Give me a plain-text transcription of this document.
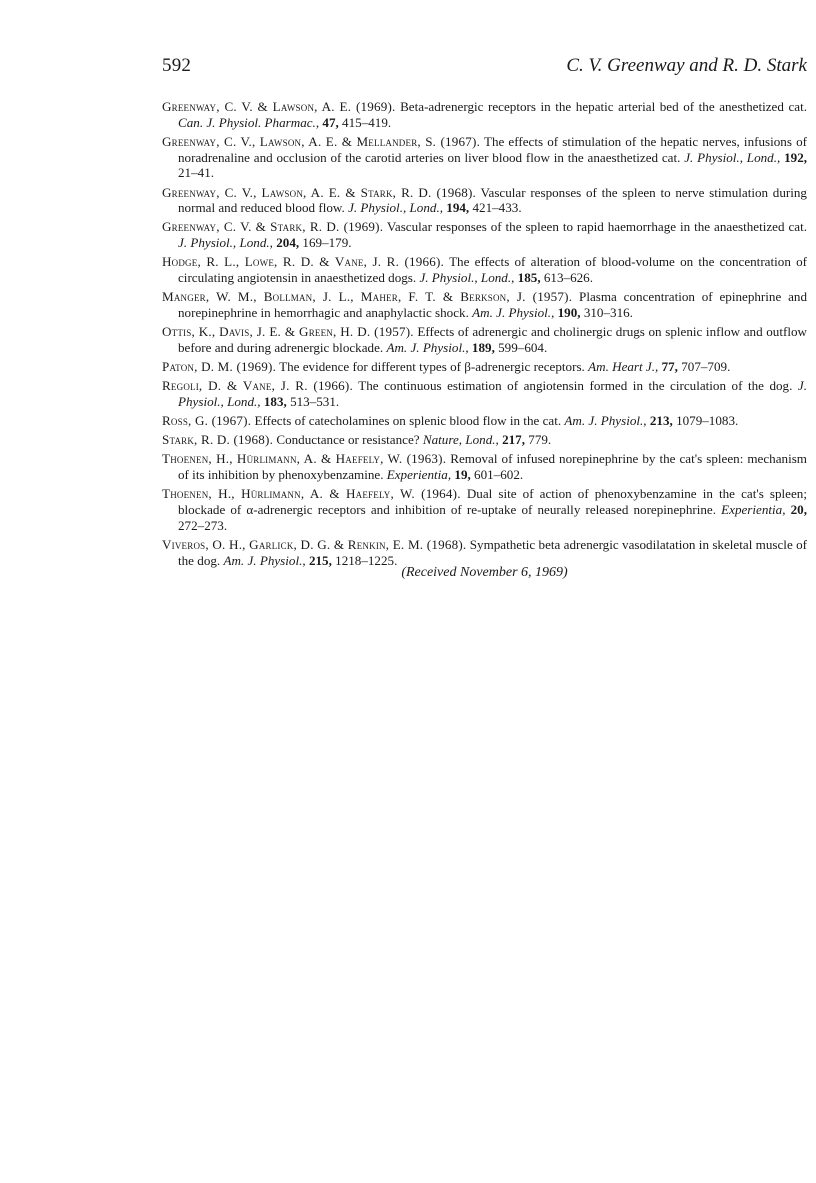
592	C. V. Greenway and R. D. Stark
Greenway, C. V. & Lawson, A. E. (1969). Beta-adrenergic receptors in the hepatic arterial bed of the anesthetized cat. Can. J. Physiol. Pharmac., 47, 415–419.
Greenway, C. V., Lawson, A. E. & Mellander, S. (1967). The effects of stimulation of the hepatic nerves, infusions of noradrenaline and occlusion of the carotid arteries on liver blood flow in the anaesthetized cat. J. Physiol., Lond., 192, 21–41.
Greenway, C. V., Lawson, A. E. & Stark, R. D. (1968). Vascular responses of the spleen to nerve stimulation during normal and reduced blood flow. J. Physiol., Lond., 194, 421–433.
Greenway, C. V. & Stark, R. D. (1969). Vascular responses of the spleen to rapid haemorrhage in the anaesthetized cat. J. Physiol., Lond., 204, 169–179.
Hodge, R. L., Lowe, R. D. & Vane, J. R. (1966). The effects of alteration of blood-volume on the concentration of circulating angiotensin in anaesthetized dogs. J. Physiol., Lond., 185, 613–626.
Manger, W. M., Bollman, J. L., Maher, F. T. & Berkson, J. (1957). Plasma concentration of epinephrine and norepinephrine in hemorrhagic and anaphylactic shock. Am. J. Physiol., 190, 310–316.
Ottis, K., Davis, J. E. & Green, H. D. (1957). Effects of adrenergic and cholinergic drugs on splenic inflow and outflow before and during adrenergic blockade. Am. J. Physiol., 189, 599–604.
Paton, D. M. (1969). The evidence for different types of β-adrenergic receptors. Am. Heart J., 77, 707–709.
Regoli, D. & Vane, J. R. (1966). The continuous estimation of angiotensin formed in the circulation of the dog. J. Physiol., Lond., 183, 513–531.
Ross, G. (1967). Effects of catecholamines on splenic blood flow in the cat. Am. J. Physiol., 213, 1079–1083.
Stark, R. D. (1968). Conductance or resistance? Nature, Lond., 217, 779.
Thoenen, H., Hürlimann, A. & Haefely, W. (1963). Removal of infused norepinephrine by the cat's spleen: mechanism of its inhibition by phenoxybenzamine. Experientia, 19, 601–602.
Thoenen, H., Hürlimann, A. & Haefely, W. (1964). Dual site of action of phenoxybenzamine in the cat's spleen; blockade of α-adrenergic receptors and inhibition of re-uptake of neurally released norepinephrine. Experientia, 20, 272–273.
Viveros, O. H., Garlick, D. G. & Renkin, E. M. (1968). Sympathetic beta adrenergic vasodilatation in skeletal muscle of the dog. Am. J. Physiol., 215, 1218–1225.
(Received November 6, 1969)
